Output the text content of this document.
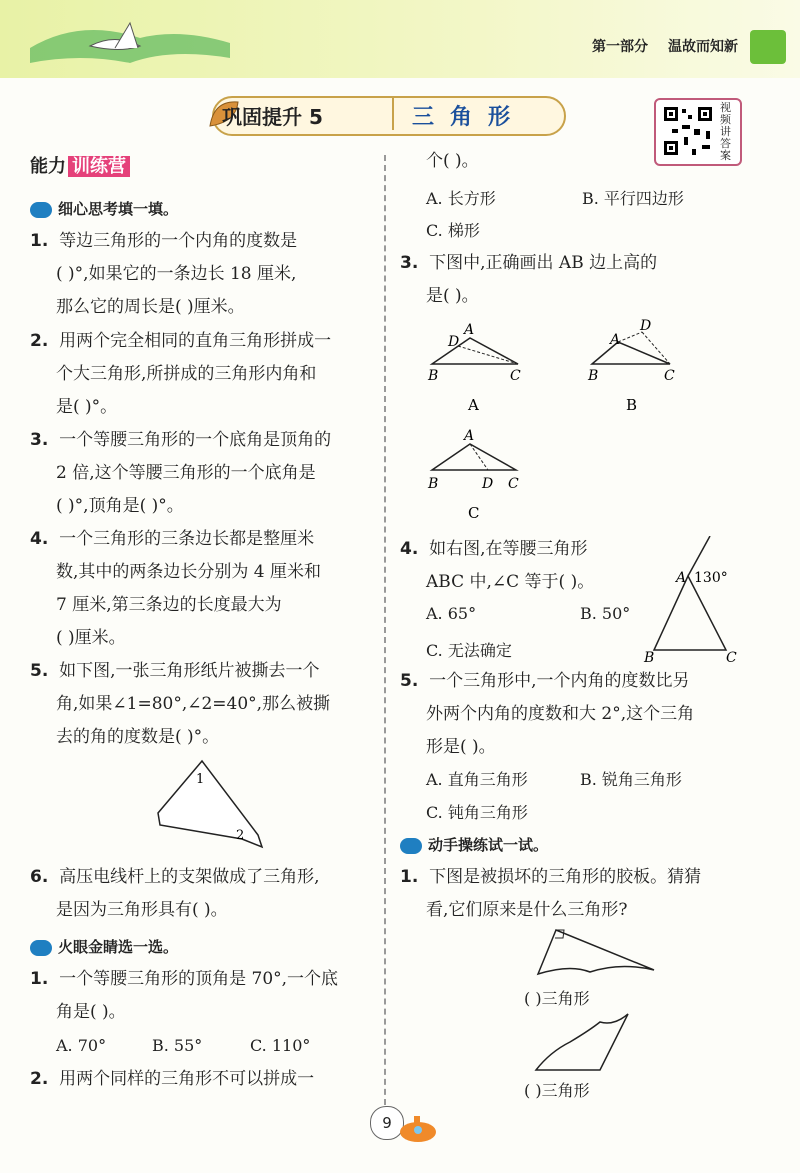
第一部分 温故而知新
巩固提升 5	三角形	视频讲答案
能力 训练营
细心思考填一填。
1. 等边三角形的一个内角的度数是
( )°,如果它的一条边长 18 厘米,
那么它的周长是( )厘米。
2. 用两个完全相同的直角三角形拼成一
个大三角形,所拼成的三角形内角和
是( )°。
3. 一个等腰三角形的一个底角是顶角的
2 倍,这个等腰三角形的一个底角是
( )°,顶角是( )°。
4. 一个三角形的三条边长都是整厘米
数,其中的两条边长分别为 4 厘米和
7 厘米,第三条边的长度最大为
( )厘米。
5. 如下图,一张三角形纸片被撕去一个
角,如果∠1=80°,∠2=40°,那么被撕
去的角的度数是( )°。
1
2
6. 高压电线杆上的支架做成了三角形,
是因为三角形具有( )。
火眼金睛选一选。
1. 一个等腰三角形的顶角是 70°,一个底
角是( )。
A. 70°	B. 55°	C. 110°
2. 用两个同样的三角形不可以拼成一
个( )。
A. 长方形	B. 平行四边形
C. 梯形
3. 下图中,正确画出 AB 边上高的
是( )。
D
A
B	C
A
A
D
B	C
B
A
B	D C
C
4. 如右图,在等腰三角形
ABC 中,∠C 等于( )。
A. 65°	B. 50°
C. 无法确定
A 130°
B	C
5. 一个三角形中,一个内角的度数比另
外两个内角的度数和大 2°,这个三角
形是( )。
A. 直角三角形	B. 锐角三角形
C. 钝角三角形
动手操练试一试。
1. 下图是被损坏的三角形的胶板。猜猜
看,它们原来是什么三角形?
( )三角形
( )三角形
9
